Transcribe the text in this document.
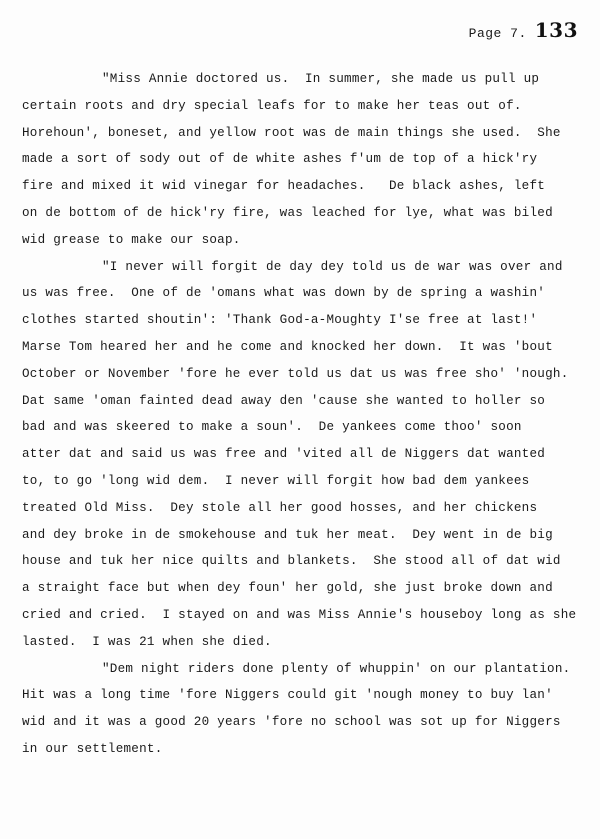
Page 7. 133
"Miss Annie doctored us.  In summer, she made us pull up
certain roots and dry special leafs for to make her teas out of.
Horehoun', boneset, and yellow root was de main things she used.  She
made a sort of sody out of de white ashes f'um de top of a hick'ry
fire and mixed it wid vinegar for headaches.   De black ashes, left
on de bottom of de hick'ry fire, was leached for lye, what was biled
wid grease to make our soap.
"I never will forgit de day dey told us de war was over and
us was free.  One of de 'omans what was down by de spring a washin'
clothes started shoutin': 'Thank God-a-Moughty I'se free at last!'
Marse Tom heared her and he come and knocked her down.  It was 'bout
October or November 'fore he ever told us dat us was free sho' 'nough.
Dat same 'oman fainted dead away den 'cause she wanted to holler so
bad and was skeered to make a soun'.  De yankees come thoo' soon
atter dat and said us was free and 'vited all de Niggers dat wanted
to, to go 'long wid dem.  I never will forgit how bad dem yankees
treated Old Miss.  Dey stole all her good hosses, and her chickens
and dey broke in de smokehouse and tuk her meat.  Dey went in de big
house and tuk her nice quilts and blankets.  She stood all of dat wid
a straight face but when dey foun' her gold, she just broke down and
cried and cried.  I stayed on and was Miss Annie's houseboy long as she
lasted.  I was 21 when she died.
"Dem night riders done plenty of whuppin' on our plantation.
Hit was a long time 'fore Niggers could git 'nough money to buy lan'
wid and it was a good 20 years 'fore no school was sot up for Niggers
in our settlement.
